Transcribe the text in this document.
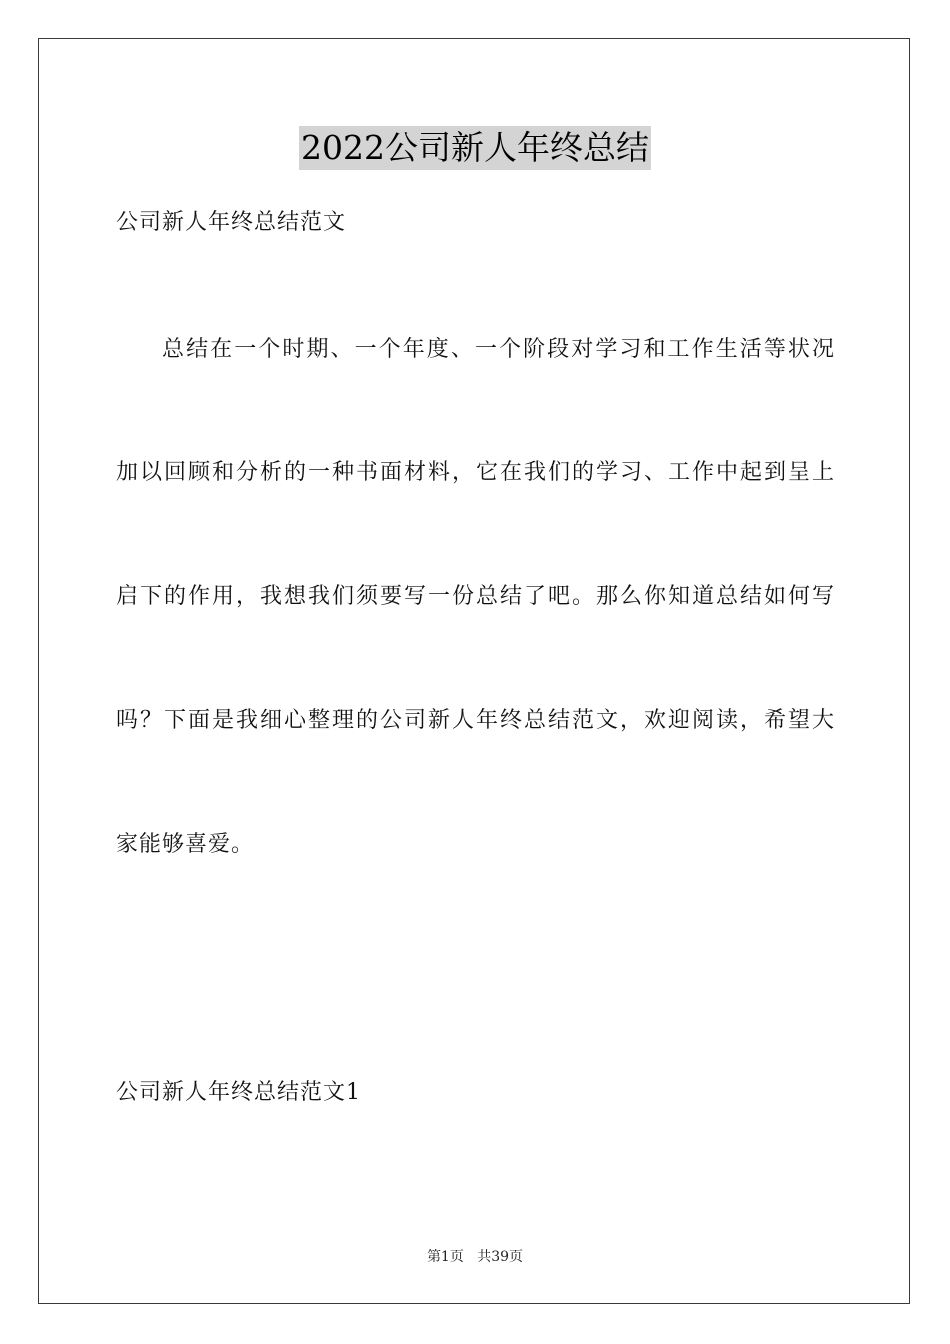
2022公司新人年终总结
公司新人年终总结范文
总结在一个时期、一个年度、一个阶段对学习和工作生活等状况
加以回顾和分析的一种书面材料，它在我们的学习、工作中起到呈上
启下的作用，我想我们须要写一份总结了吧。那么你知道总结如何写
吗？下面是我细心整理的公司新人年终总结范文，欢迎阅读，希望大
家能够喜爱。
公司新人年终总结范文1
第1页 共39页
